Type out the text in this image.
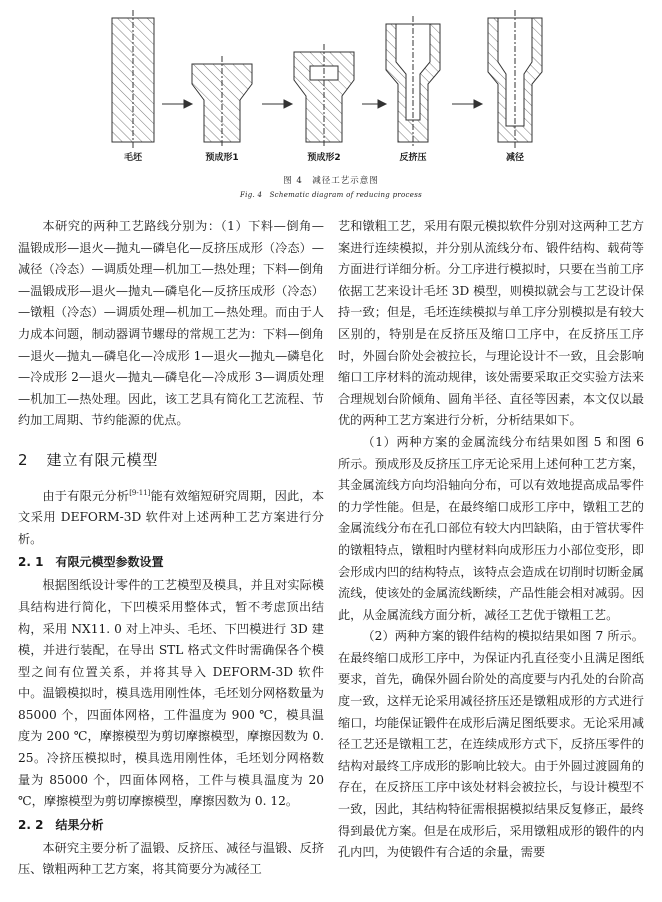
毛坯	预成形1	预成形2	反挤压	减径
图 4　减径工艺示意图
Fig. 4　Schematic diagram of reducing process

本研究的两种工艺路线分别为：（1）下料—倒角—温锻成形—退火—抛丸—磷皂化—反挤压成形（冷态）—减径（冷态）—调质处理—机加工—热处理；下料—倒角—温锻成形—退火—抛丸—磷皂化—反挤压成形（冷态）—镦粗（冷态）—调质处理—机加工—热处理。而由于人力成本问题，制动器调节螺母的常规工艺为：下料—倒角—退火—抛丸—磷皂化—冷成形 1—退火—抛丸—磷皂化—冷成形 2—退火—抛丸—磷皂化—冷成形 3—调质处理—机加工—热处理。因此，该工艺具有简化工艺流程、节约加工周期、节约能源的优点。

2 建立有限元模型

由于有限元分析[9-11]能有效缩短研究周期，因此，本文采用 DEFORM-3D 软件对上述两种工艺方案进行分析。

2. 1 有限元模型参数设置

根据图纸设计零件的工艺模型及模具，并且对实际模具结构进行简化，下凹模采用整体式，暂不考虑顶出结构，采用 NX11. 0 对上冲头、毛坯、下凹模进行 3D 建模，并进行装配，在导出 STL 格式文件时需确保各个模型之间有位置关系，并将其导入 DEFORM-3D 软件中。温锻模拟时，模具选用刚性体，毛坯划分网格数量为 85000 个，四面体网格，工件温度为 900 ℃，模具温度为 200 ℃，摩擦模型为剪切摩擦模型，摩擦因数为 0. 25。冷挤压模拟时，模具选用刚性体，毛坯划分网格数量为 85000 个，四面体网格，工件与模具温度为 20 ℃，摩擦模型为剪切摩擦模型，摩擦因数为 0. 12。

2. 2 结果分析

本研究主要分析了温锻、反挤压、减径与温锻、反挤压、镦粗两种工艺方案，将其简要分为减径工

艺和镦粗工艺，采用有限元模拟软件分别对这两种工艺方案进行连续模拟，并分别从流线分布、锻件结构、载荷等方面进行详细分析。分工序进行模拟时，只要在当前工序依据工艺来设计毛坯 3D 模型，则模拟就会与工艺设计保持一致；但是，毛坯连续模拟与单工序分别模拟是有较大区别的，特别是在反挤压及缩口工序中，在反挤压工序时，外圆台阶处会被拉长，与理论设计不一致，且会影响缩口工序材料的流动规律，该处需要采取正交实验方法来合理规划台阶倾角、圆角半径、直径等因素，本文仅以最优的两种工艺方案进行分析，分析结果如下。

（1）两种方案的金属流线分布结果如图 5 和图 6 所示。预成形及反挤压工序无论采用上述何种工艺方案，其金属流线方向均沿轴向分布，可以有效地提高成品零件的力学性能。但是，在最终缩口成形工序中，镦粗工艺的金属流线分布在孔口部位有较大内凹缺陷，由于管状零件的镦粗特点，镦粗时内壁材料向成形压力小部位变形，即会形成内凹的结构特点，该特点会造成在切削时切断金属流线，使该处的金属流线断续，产品性能会相对减弱。因此，从金属流线方面分析，减径工艺优于镦粗工艺。

（2）两种方案的锻件结构的模拟结果如图 7 所示。在最终缩口成形工序中，为保证内孔直径变小且满足图纸要求，首先，确保外圆台阶处的高度要与内孔处的台阶高度一致，这样无论采用减径挤压还是镦粗成形的方式进行缩口，均能保证锻件在成形后满足图纸要求。无论采用减径工艺还是镦粗工艺，在连续成形方式下，反挤压零件的结构对最终工序成形的影响比较大。由于外圆过渡圆角的存在，在反挤压工序中该处材料会被拉长，与设计模型不一致，因此，其结构特征需根据模拟结果反复修正，最终得到最优方案。但是在成形后，采用镦粗成形的锻件的内孔内凹，为使锻件有合适的余量，需要
